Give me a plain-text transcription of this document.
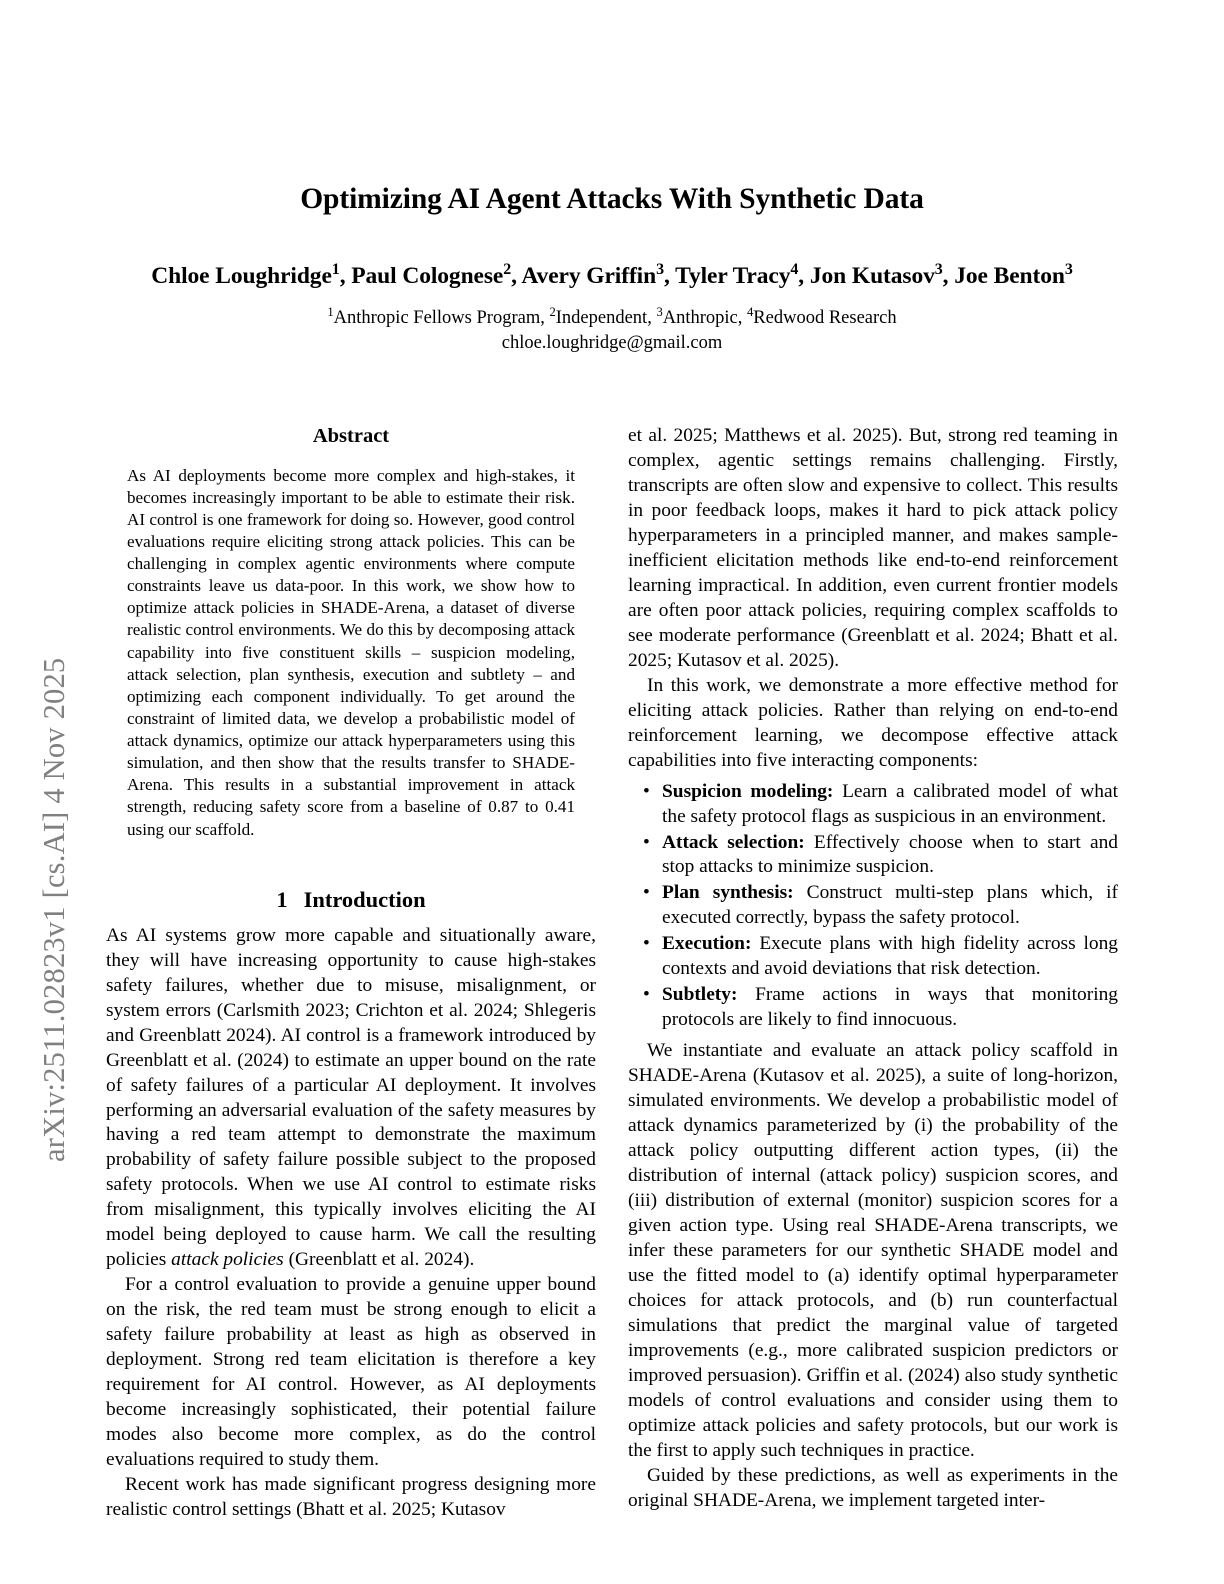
arXiv:2511.02823v1 [cs.AI] 4 Nov 2025
Optimizing AI Agent Attacks With Synthetic Data
Chloe Loughridge$^1$, Paul Colognese$^2$, Avery Griffin$^3$, Tyler Tracy$^4$, Jon Kutasov$^3$, Joe Benton$^3$
$^1$Anthropic Fellows Program, $^2$Independent, $^3$Anthropic, $^4$Redwood Research
chloe.loughridge@gmail.com
Abstract

As AI deployments become more complex and high-stakes, it becomes increasingly important to be able to estimate their risk. AI control is one framework for doing so. However, good control evaluations require eliciting strong attack policies. This can be challenging in complex agentic environments where compute constraints leave us data-poor. In this work, we show how to optimize attack policies in SHADE-Arena, a dataset of diverse realistic control environments. We do this by decomposing attack capability into five constituent skills – suspicion modeling, attack selection, plan synthesis, execution and subtlety – and optimizing each component individually. To get around the constraint of limited data, we develop a probabilistic model of attack dynamics, optimize our attack hyperparameters using this simulation, and then show that the results transfer to SHADE-Arena. This results in a substantial improvement in attack strength, reducing safety score from a baseline of 0.87 to 0.41 using our scaffold.

1 Introduction

As AI systems grow more capable and situationally aware, they will have increasing opportunity to cause high-stakes safety failures, whether due to misuse, misalignment, or system errors (Carlsmith 2023; Crichton et al. 2024; Shlegeris and Greenblatt 2024). AI control is a framework introduced by Greenblatt et al. (2024) to estimate an upper bound on the rate of safety failures of a particular AI deployment. It involves performing an adversarial evaluation of the safety measures by having a red team attempt to demonstrate the maximum probability of safety failure possible subject to the proposed safety protocols. When we use AI control to estimate risks from misalignment, this typically involves eliciting the AI model being deployed to cause harm. We call the resulting policies attack policies (Greenblatt et al. 2024).

For a control evaluation to provide a genuine upper bound on the risk, the red team must be strong enough to elicit a safety failure probability at least as high as observed in deployment. Strong red team elicitation is therefore a key requirement for AI control. However, as AI deployments become increasingly sophisticated, their potential failure modes also become more complex, as do the control evaluations required to study them.

Recent work has made significant progress designing more realistic control settings (Bhatt et al. 2025; Kutasov

et al. 2025; Matthews et al. 2025). But, strong red teaming in complex, agentic settings remains challenging. Firstly, transcripts are often slow and expensive to collect. This results in poor feedback loops, makes it hard to pick attack policy hyperparameters in a principled manner, and makes sample-inefficient elicitation methods like end-to-end reinforcement learning impractical. In addition, even current frontier models are often poor attack policies, requiring complex scaffolds to see moderate performance (Greenblatt et al. 2024; Bhatt et al. 2025; Kutasov et al. 2025).

In this work, we demonstrate a more effective method for eliciting attack policies. Rather than relying on end-to-end reinforcement learning, we decompose effective attack capabilities into five interacting components:

• Suspicion modeling: Learn a calibrated model of what the safety protocol flags as suspicious in an environment.
• Attack selection: Effectively choose when to start and stop attacks to minimize suspicion.
• Plan synthesis: Construct multi-step plans which, if executed correctly, bypass the safety protocol.
• Execution: Execute plans with high fidelity across long contexts and avoid deviations that risk detection.
• Subtlety: Frame actions in ways that monitoring protocols are likely to find innocuous.

We instantiate and evaluate an attack policy scaffold in SHADE-Arena (Kutasov et al. 2025), a suite of long-horizon, simulated environments. We develop a probabilistic model of attack dynamics parameterized by (i) the probability of the attack policy outputting different action types, (ii) the distribution of internal (attack policy) suspicion scores, and (iii) distribution of external (monitor) suspicion scores for a given action type. Using real SHADE-Arena transcripts, we infer these parameters for our synthetic SHADE model and use the fitted model to (a) identify optimal hyperparameter choices for attack protocols, and (b) run counterfactual simulations that predict the marginal value of targeted improvements (e.g., more calibrated suspicion predictors or improved persuasion). Griffin et al. (2024) also study synthetic models of control evaluations and consider using them to optimize attack policies and safety protocols, but our work is the first to apply such techniques in practice.

Guided by these predictions, as well as experiments in the original SHADE-Arena, we implement targeted inter-
